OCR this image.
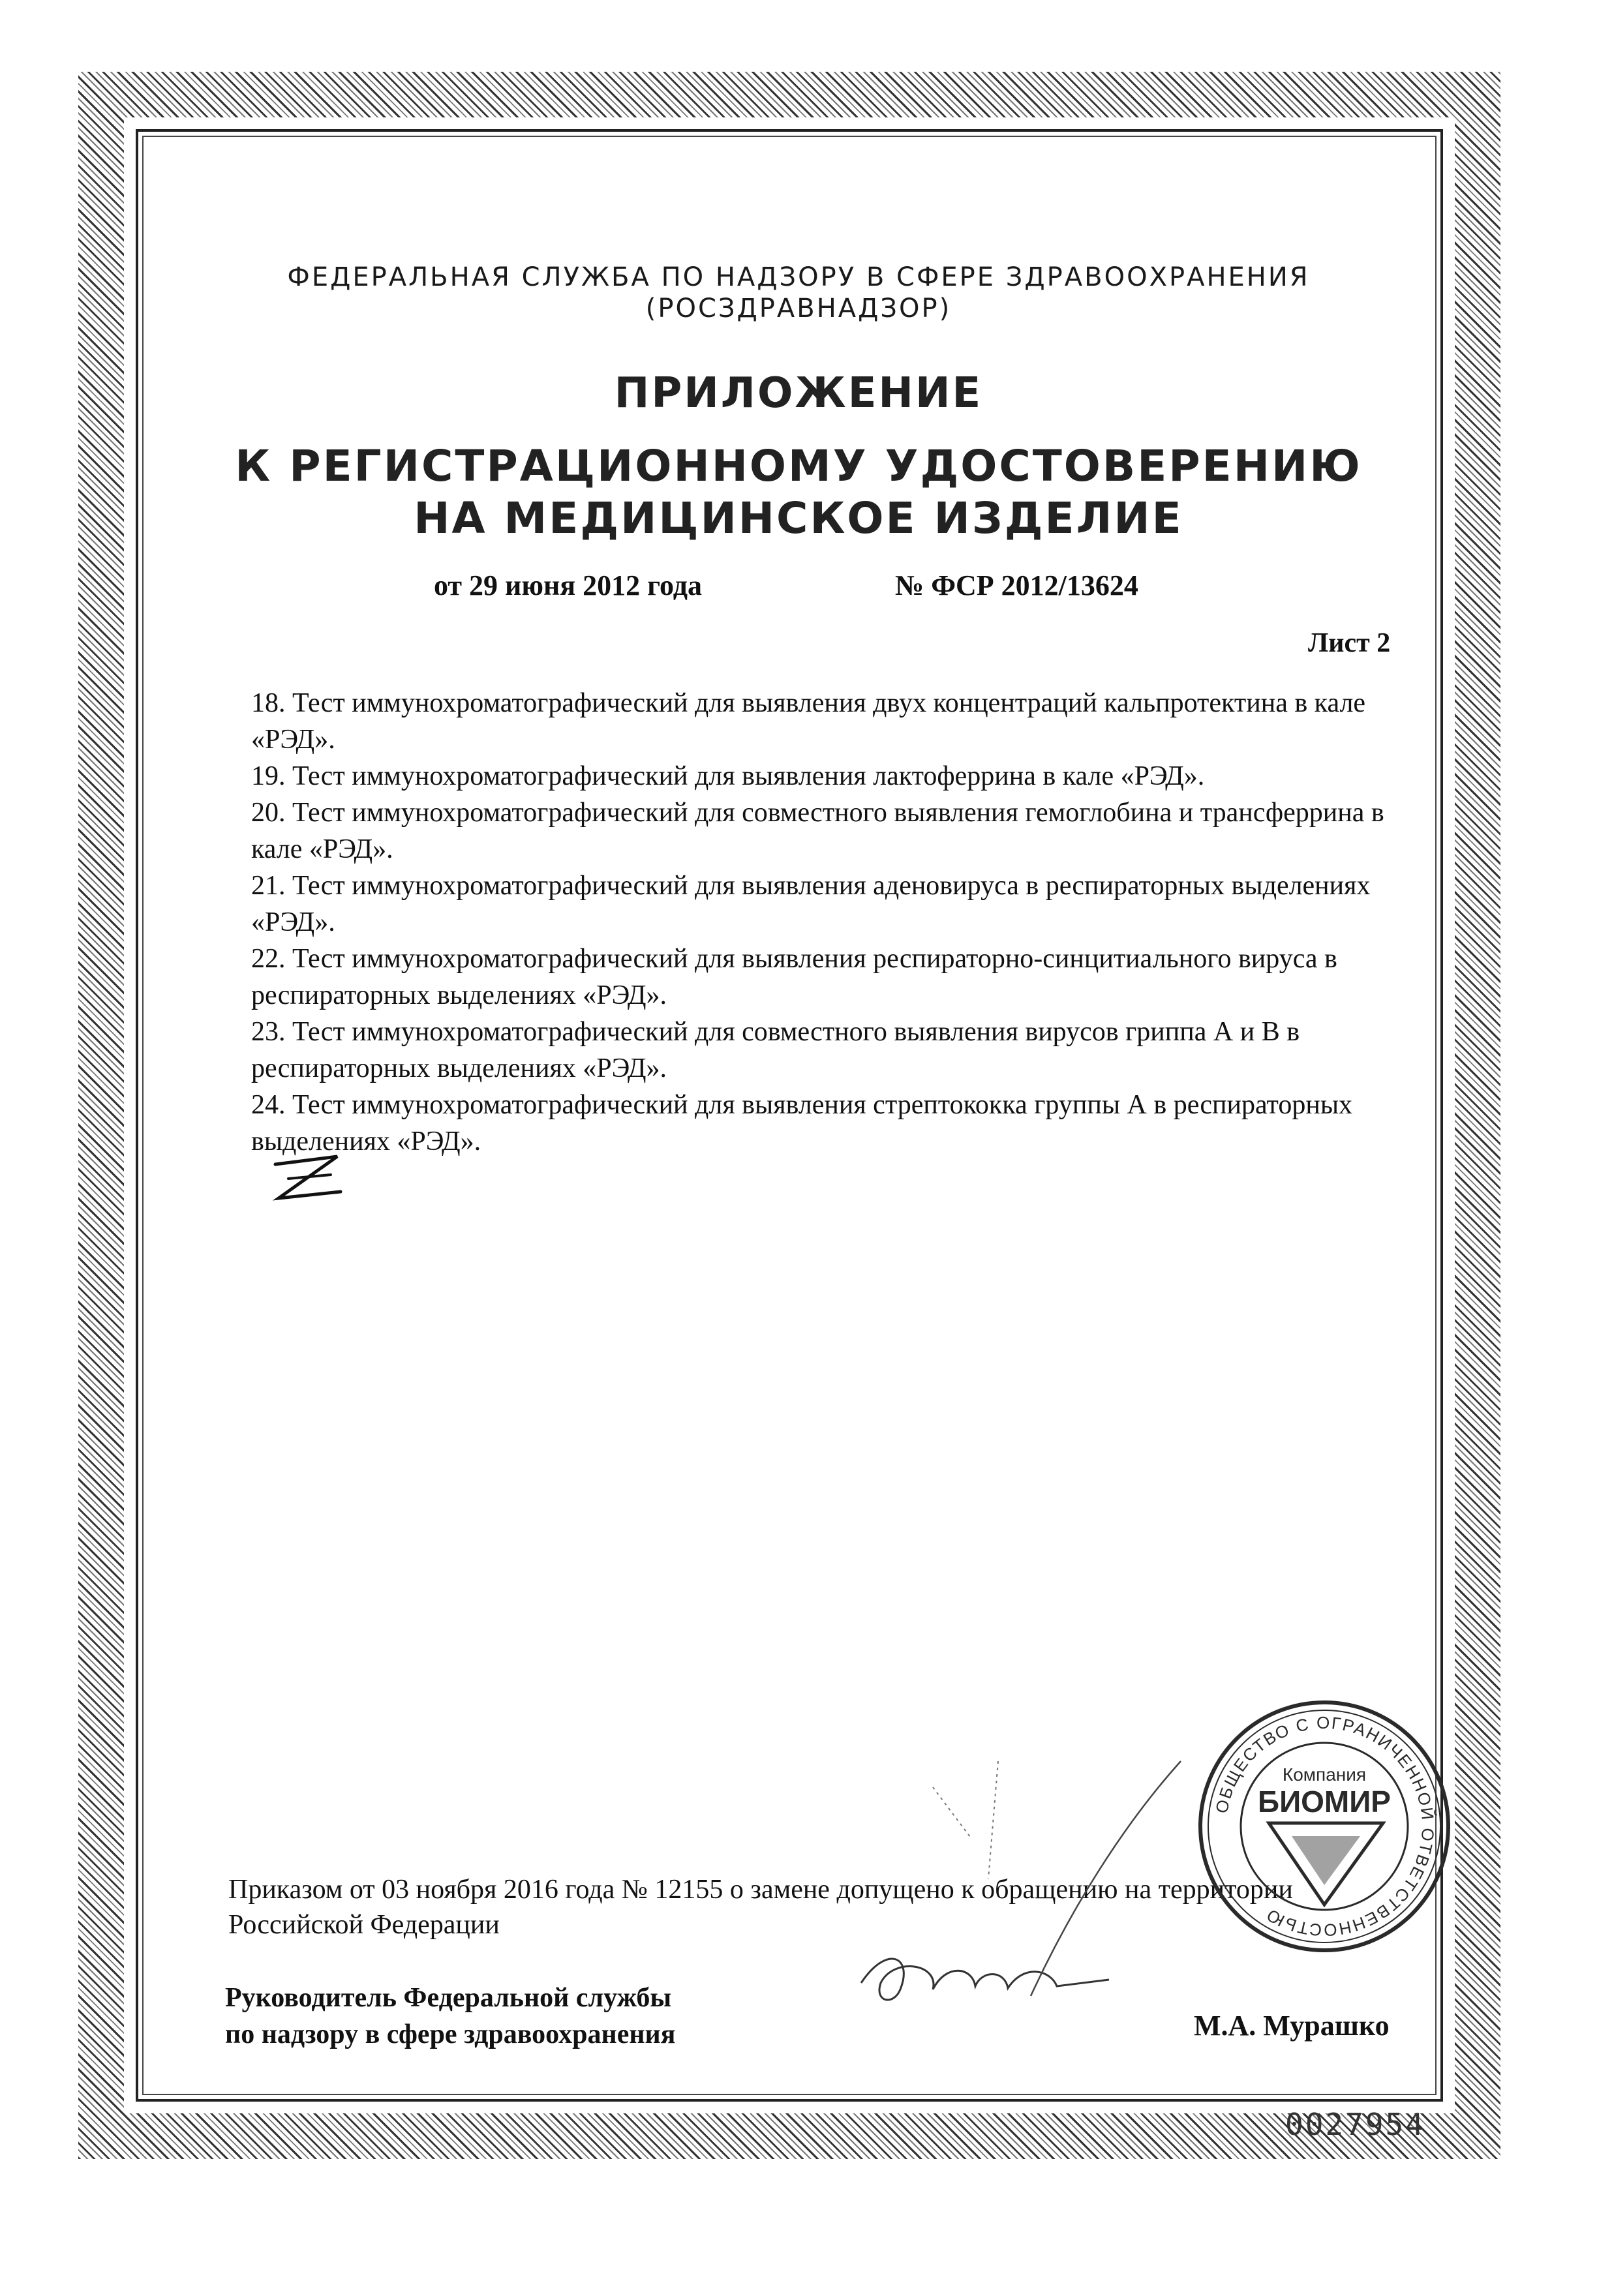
ФЕДЕРАЛЬНАЯ СЛУЖБА ПО НАДЗОРУ В СФЕРЕ ЗДРАВООХРАНЕНИЯ
(РОСЗДРАВНАДЗОР)
ПРИЛОЖЕНИЕ
К РЕГИСТРАЦИОННОМУ УДОСТОВЕРЕНИЮ
НА МЕДИЦИНСКОЕ ИЗДЕЛИЕ
от 29 июня 2012 года	№ ФСР 2012/13624
Лист 2

18. Тест иммунохроматографический для выявления двух концентраций кальпротектина в кале «РЭД».

19. Тест иммунохроматографический для выявления лактоферрина в кале «РЭД».

20. Тест иммунохроматографический для совместного выявления гемоглобина и трансферрина в кале «РЭД».

21. Тест иммунохроматографический для выявления аденовируса в респираторных выделениях «РЭД».

22. Тест иммунохроматографический для выявления респираторно-синцитиального вируса в респираторных выделениях «РЭД».

23. Тест иммунохроматографический для совместного выявления вирусов гриппа А и В в респираторных выделениях «РЭД».

24. Тест иммунохроматографический для выявления стрептококка группы А в респираторных выделениях «РЭД».

Приказом от 03 ноября 2016 года № 12155 о замене допущено к обращению на территории Российской Федерации
Руководитель Федеральной службы
по надзору в сфере здравоохранения
ОБЩЕСТВО С ОГРАНИЧЕННОЙ ОТВЕТСТВЕННОСТЬЮ
Компания
БИОМИР
М.А. Мурашко
0027954
